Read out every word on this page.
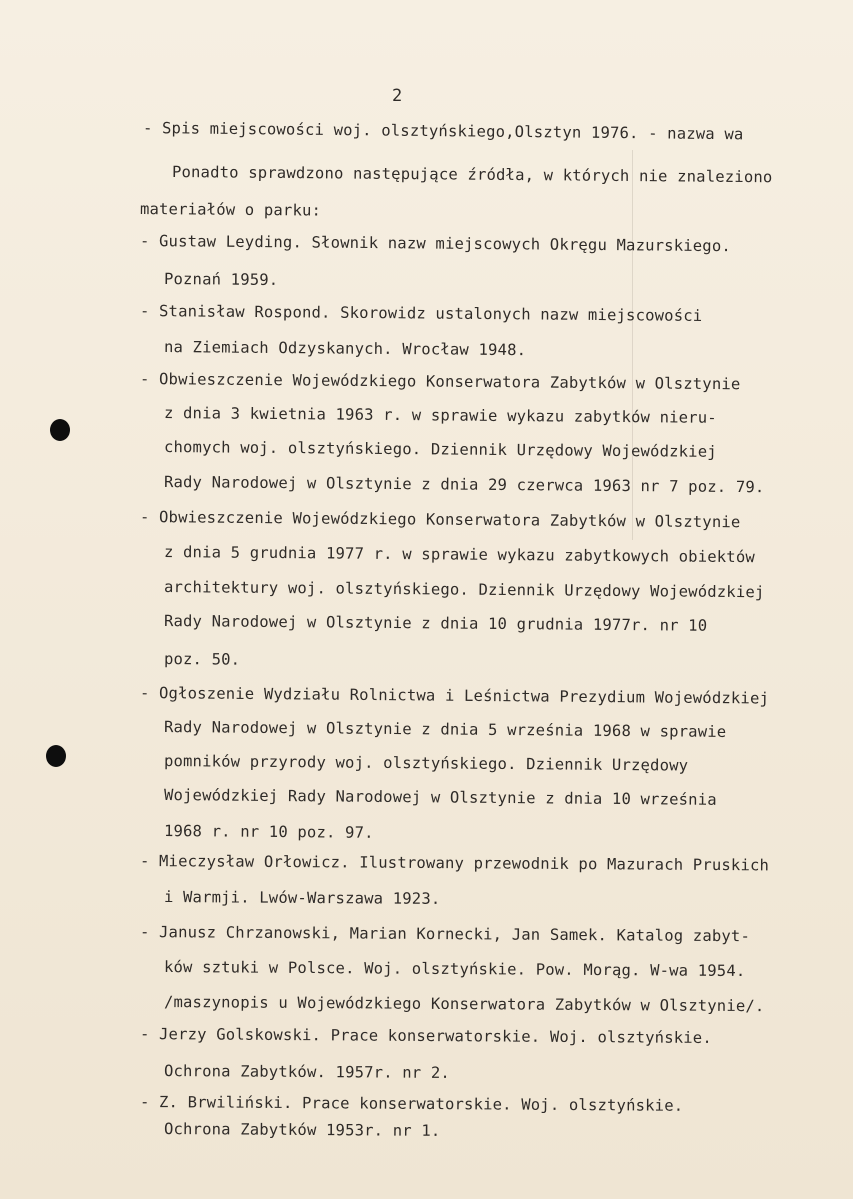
2
- Spis miejscowości woj. olsztyńskiego,Olsztyn 1976. - nazwa wa
Ponadto sprawdzono następujące źródła, w których nie znaleziono
materiałów o parku:
- Gustaw Leyding. Słownik nazw miejscowych Okręgu Mazurskiego.
Poznań 1959.
- Stanisław Rospond. Skorowidz ustalonych nazw miejscowości
na Ziemiach Odzyskanych. Wrocław 1948.
- Obwieszczenie Wojewódzkiego Konserwatora Zabytków w Olsztynie
z dnia 3 kwietnia 1963 r. w sprawie wykazu zabytków nieru-
chomych woj. olsztyńskiego. Dziennik Urzędowy Wojewódzkiej
Rady Narodowej w Olsztynie z dnia 29 czerwca 1963 nr 7 poz. 79.
- Obwieszczenie Wojewódzkiego Konserwatora Zabytków w Olsztynie
z dnia 5 grudnia 1977 r. w sprawie wykazu zabytkowych obiektów
architektury woj. olsztyńskiego. Dziennik Urzędowy Wojewódzkiej
Rady Narodowej w Olsztynie z dnia 10 grudnia 1977r. nr 10
poz. 50.
- Ogłoszenie Wydziału Rolnictwa i Leśnictwa Prezydium Wojewódzkiej
Rady Narodowej w Olsztynie z dnia 5 września 1968 w sprawie
pomników przyrody woj. olsztyńskiego. Dziennik Urzędowy
Wojewódzkiej Rady Narodowej w Olsztynie z dnia 10 września
1968 r. nr 10 poz. 97.
- Mieczysław Orłowicz. Ilustrowany przewodnik po Mazurach Pruskich
i Warmji. Lwów-Warszawa 1923.
- Janusz Chrzanowski, Marian Kornecki, Jan Samek. Katalog zabyt-
ków sztuki w Polsce. Woj. olsztyńskie. Pow. Morąg. W-wa 1954.
/maszynopis u Wojewódzkiego Konserwatora Zabytków w Olsztynie/.
- Jerzy Golskowski. Prace konserwatorskie. Woj. olsztyńskie.
Ochrona Zabytków. 1957r. nr 2.
- Z. Brwiliński. Prace konserwatorskie. Woj. olsztyńskie.
Ochrona Zabytków 1953r. nr 1.
